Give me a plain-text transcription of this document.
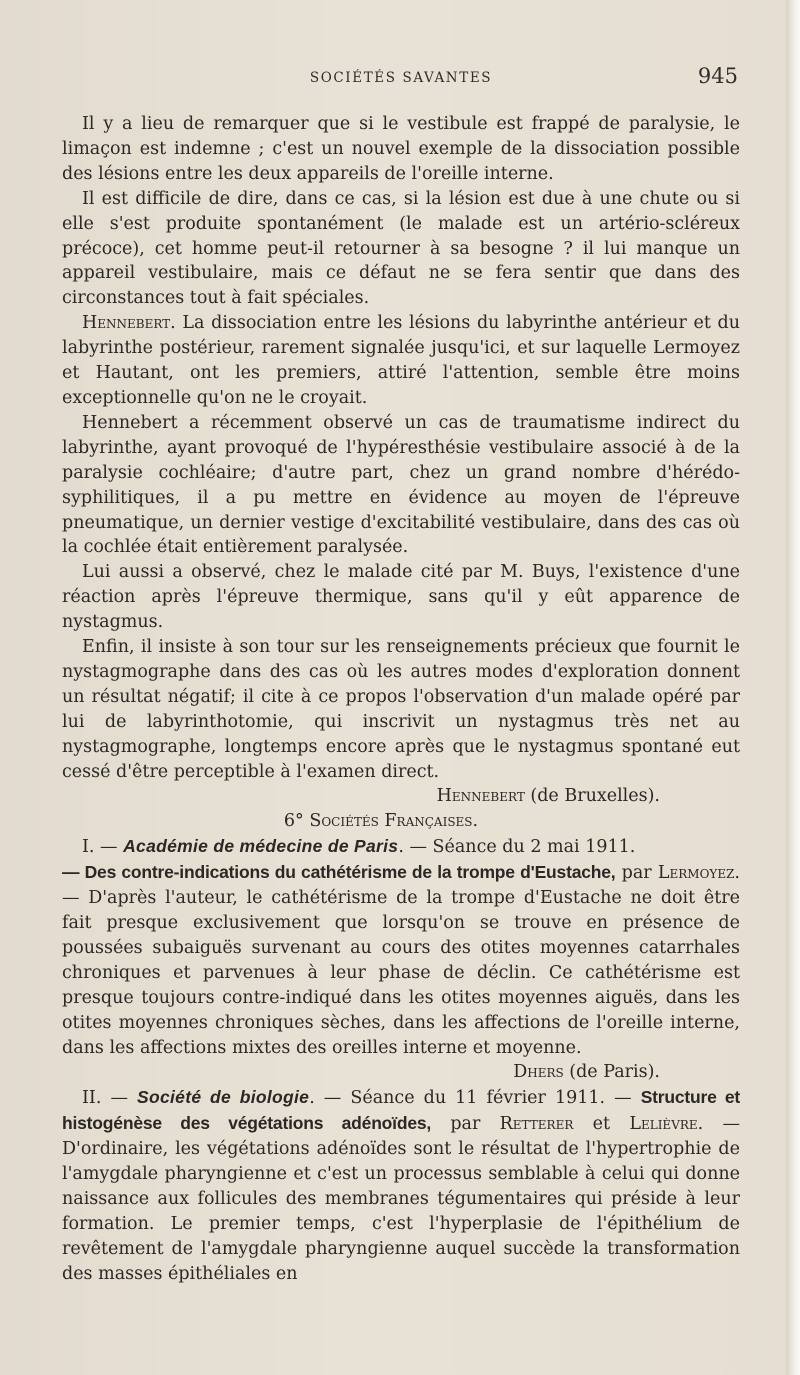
SOCIÉTÉS SAVANTES	945

Il y a lieu de remarquer que si le vestibule est frappé de paralysie, le limaçon est indemne ; c'est un nouvel exemple de la dissociation possible des lésions entre les deux appareils de l'oreille interne.

Il est difficile de dire, dans ce cas, si la lésion est due à une chute ou si elle s'est produite spontanément (le malade est un artério-scléreux précoce), cet homme peut-il retourner à sa besogne ? il lui manque un appareil vestibulaire, mais ce défaut ne se fera sentir que dans des circonstances tout à fait spéciales.

Hennebert. La dissociation entre les lésions du labyrinthe antérieur et du labyrinthe postérieur, rarement signalée jusqu'ici, et sur laquelle Lermoyez et Hautant, ont les premiers, attiré l'attention, semble être moins exceptionnelle qu'on ne le croyait.

Hennebert a récemment observé un cas de traumatisme indirect du labyrinthe, ayant provoqué de l'hypéresthésie vestibulaire associé à de la paralysie cochléaire; d'autre part, chez un grand nombre d'hérédo-syphilitiques, il a pu mettre en évidence au moyen de l'épreuve pneumatique, un dernier vestige d'excitabilité vestibulaire, dans des cas où la cochlée était entièrement paralysée.

Lui aussi a observé, chez le malade cité par M. Buys, l'existence d'une réaction après l'épreuve thermique, sans qu'il y eût apparence de nystagmus.

Enfin, il insiste à son tour sur les renseignements précieux que fournit le nystagmographe dans des cas où les autres modes d'exploration donnent un résultat négatif; il cite à ce propos l'observation d'un malade opéré par lui de labyrinthotomie, qui inscrivit un nystagmus très net au nystagmographe, longtemps encore après que le nystagmus spontané eut cessé d'être perceptible à l'examen direct.

Hennebert (de Bruxelles).

6° Sociétés Françaises.

I. — Académie de médecine de Paris. — Séance du 2 mai 1911.
— Des contre-indications du cathétérisme de la trompe d'Eustache, par Lermoyez. — D'après l'auteur, le cathétérisme de la trompe d'Eustache ne doit être fait presque exclusivement que lorsqu'on se trouve en présence de poussées subaiguës survenant au cours des otites moyennes catarrhales chroniques et parvenues à leur phase de déclin. Ce cathétérisme est presque toujours contre-indiqué dans les otites moyennes aiguës, dans les otites moyennes chroniques sèches, dans les affections de l'oreille interne, dans les affections mixtes des oreilles interne et moyenne.

Dhers (de Paris).

II. — Société de biologie. — Séance du 11 février 1911. — Structure et histogénèse des végétations adénoïdes, par Retterer et Lelièvre. — D'ordinaire, les végétations adénoïdes sont le résultat de l'hypertrophie de l'amygdale pharyngienne et c'est un processus semblable à celui qui donne naissance aux follicules des membranes tégumentaires qui préside à leur formation. Le premier temps, c'est l'hyperplasie de l'épithélium de revêtement de l'amygdale pharyngienne auquel succède la transformation des masses épithéliales en
